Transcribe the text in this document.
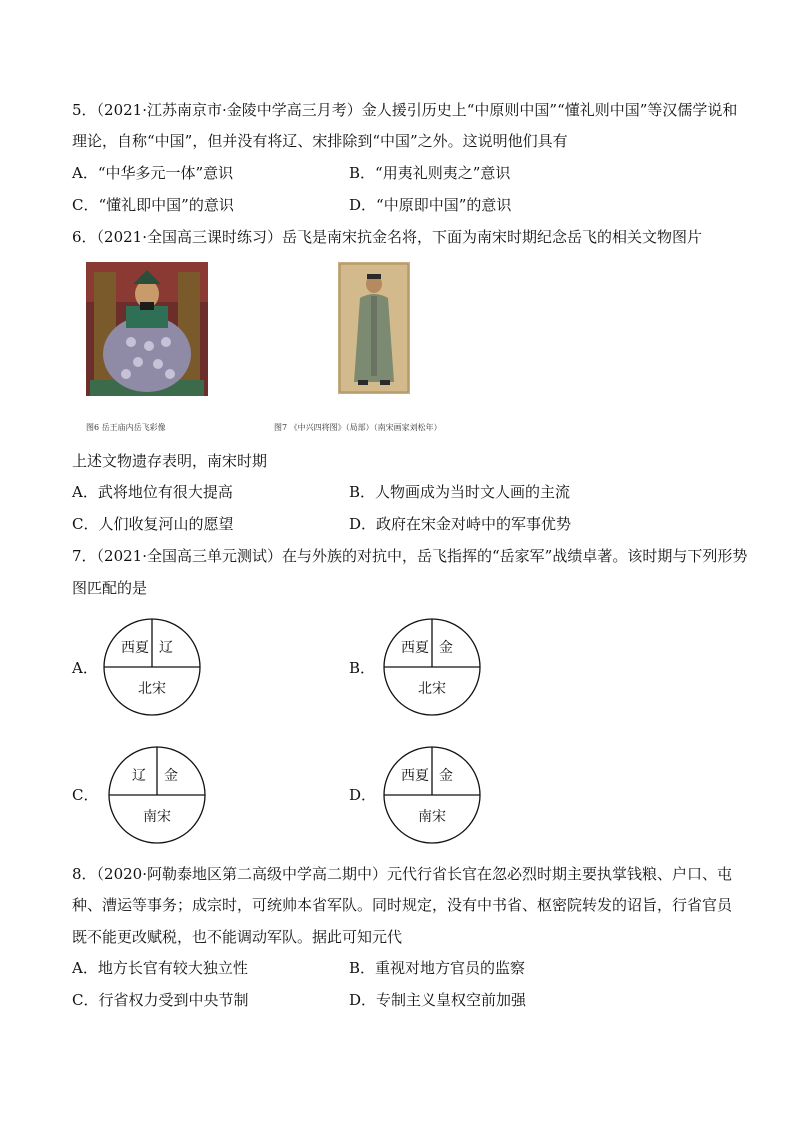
5．（2021·江苏南京市·金陵中学高三月考）金人援引历史上“中原则中国”“懂礼则中国”等汉儒学说和
理论，自称“中国”，但并没有将辽、宋排除到“中国”之外。这说明他们具有
A．“中华多元一体”意识	B．“用夷礼则夷之”意识
C．“懂礼即中国”的意识	D．“中原即中国”的意识
6．（2021·全国高三课时练习）岳飞是南宋抗金名将，下面为南宋时期纪念岳飞的相关文物图片
图6 岳王庙内岳飞彩像	图7 《中兴四将图》（局部）（南宋画家刘松年）
上述文物遗存表明，南宋时期
A．武将地位有很大提高	B．人物画成为当时文人画的主流
C．人们收复河山的愿望	D．政府在宋金对峙中的军事优势
7．（2021·全国高三单元测试）在与外族的对抗中，岳飞指挥的“岳家军”战绩卓著。该时期与下列形势
图匹配的是
A．
西夏 辽
北宋
B．
西夏 金
北宋
C．
辽 金
南宋
D．
西夏 金
南宋
8．（2020·阿勒泰地区第二高级中学高二期中）元代行省长官在忽必烈时期主要执掌钱粮、户口、屯
种、漕运等事务；成宗时，可统帅本省军队。同时规定，没有中书省、枢密院转发的诏旨，行省官员
既不能更改赋税，也不能调动军队。据此可知元代
A．地方长官有较大独立性	B．重视对地方官员的监察
C．行省权力受到中央节制	D．专制主义皇权空前加强
